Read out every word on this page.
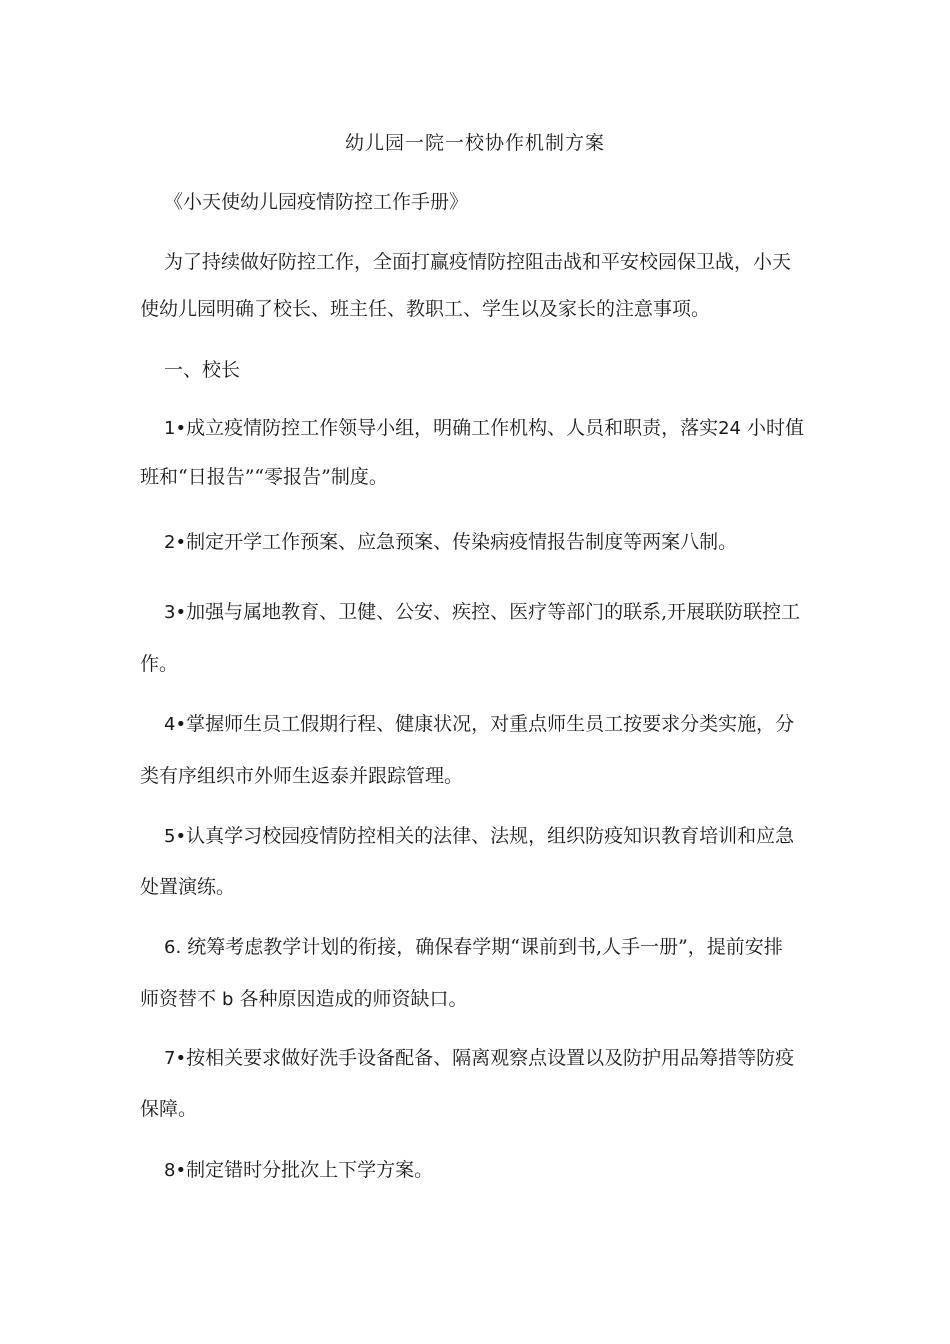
幼儿园一院一校协作机制方案
《小天使幼儿园疫情防控工作手册》
为了持续做好防控工作，全面打赢疫情防控阻击战和平安校园保卫战，小天
使幼儿园明确了校长、班主任、教职工、学生以及家长的注意事项。
一、校长
1•成立疫情防控工作领导小组，明确工作机构、人员和职责，落实24 小时值
班和“日报告”“零报告”制度。
2•制定开学工作预案、应急预案、传染病疫情报告制度等两案八制。
3•加强与属地教育、卫健、公安、疾控、医疗等部门的联系,开展联防联控工
作。
4•掌握师生员工假期行程、健康状况，对重点师生员工按要求分类实施，分
类有序组织市外师生返泰并跟踪管理。
5•认真学习校园疫情防控相关的法律、法规，组织防疫知识教育培训和应急
处置演练。
6. 统筹考虑教学计划的衔接，确保春学期“课前到书,人手一册”，提前安排
师资替不 b 各种原因造成的师资缺口。
7•按相关要求做好洗手设备配备、隔离观察点设置以及防护用品筹措等防疫
保障。
8•制定错时分批次上下学方案。
